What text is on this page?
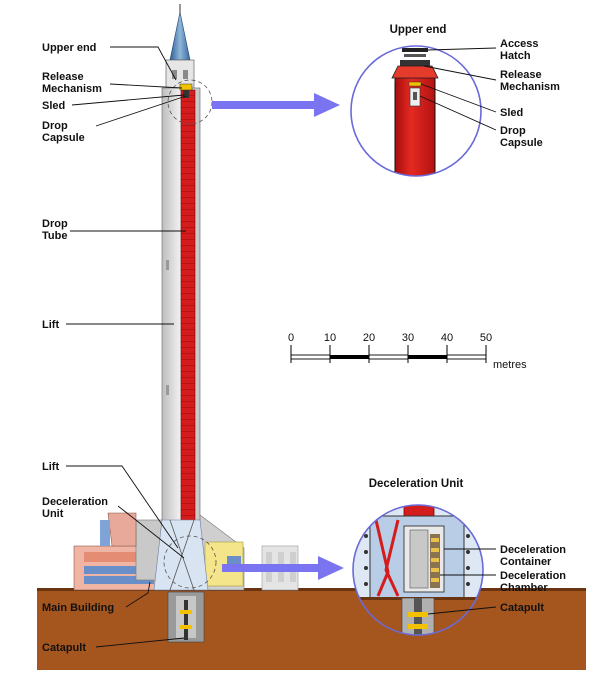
Upper end
Release
Mechanism
Sled
Drop
Capsule
Drop
Tube
Lift
Lift
Deceleration
Unit
Main Building
Catapult
0	10 20 30 40 50
metres
Upper end
Access
Hatch
Release
Mechanism
Sled
Drop
Capsule
Deceleration Unit
Deceleration
Container
Deceleration
Chamber
Catapult
